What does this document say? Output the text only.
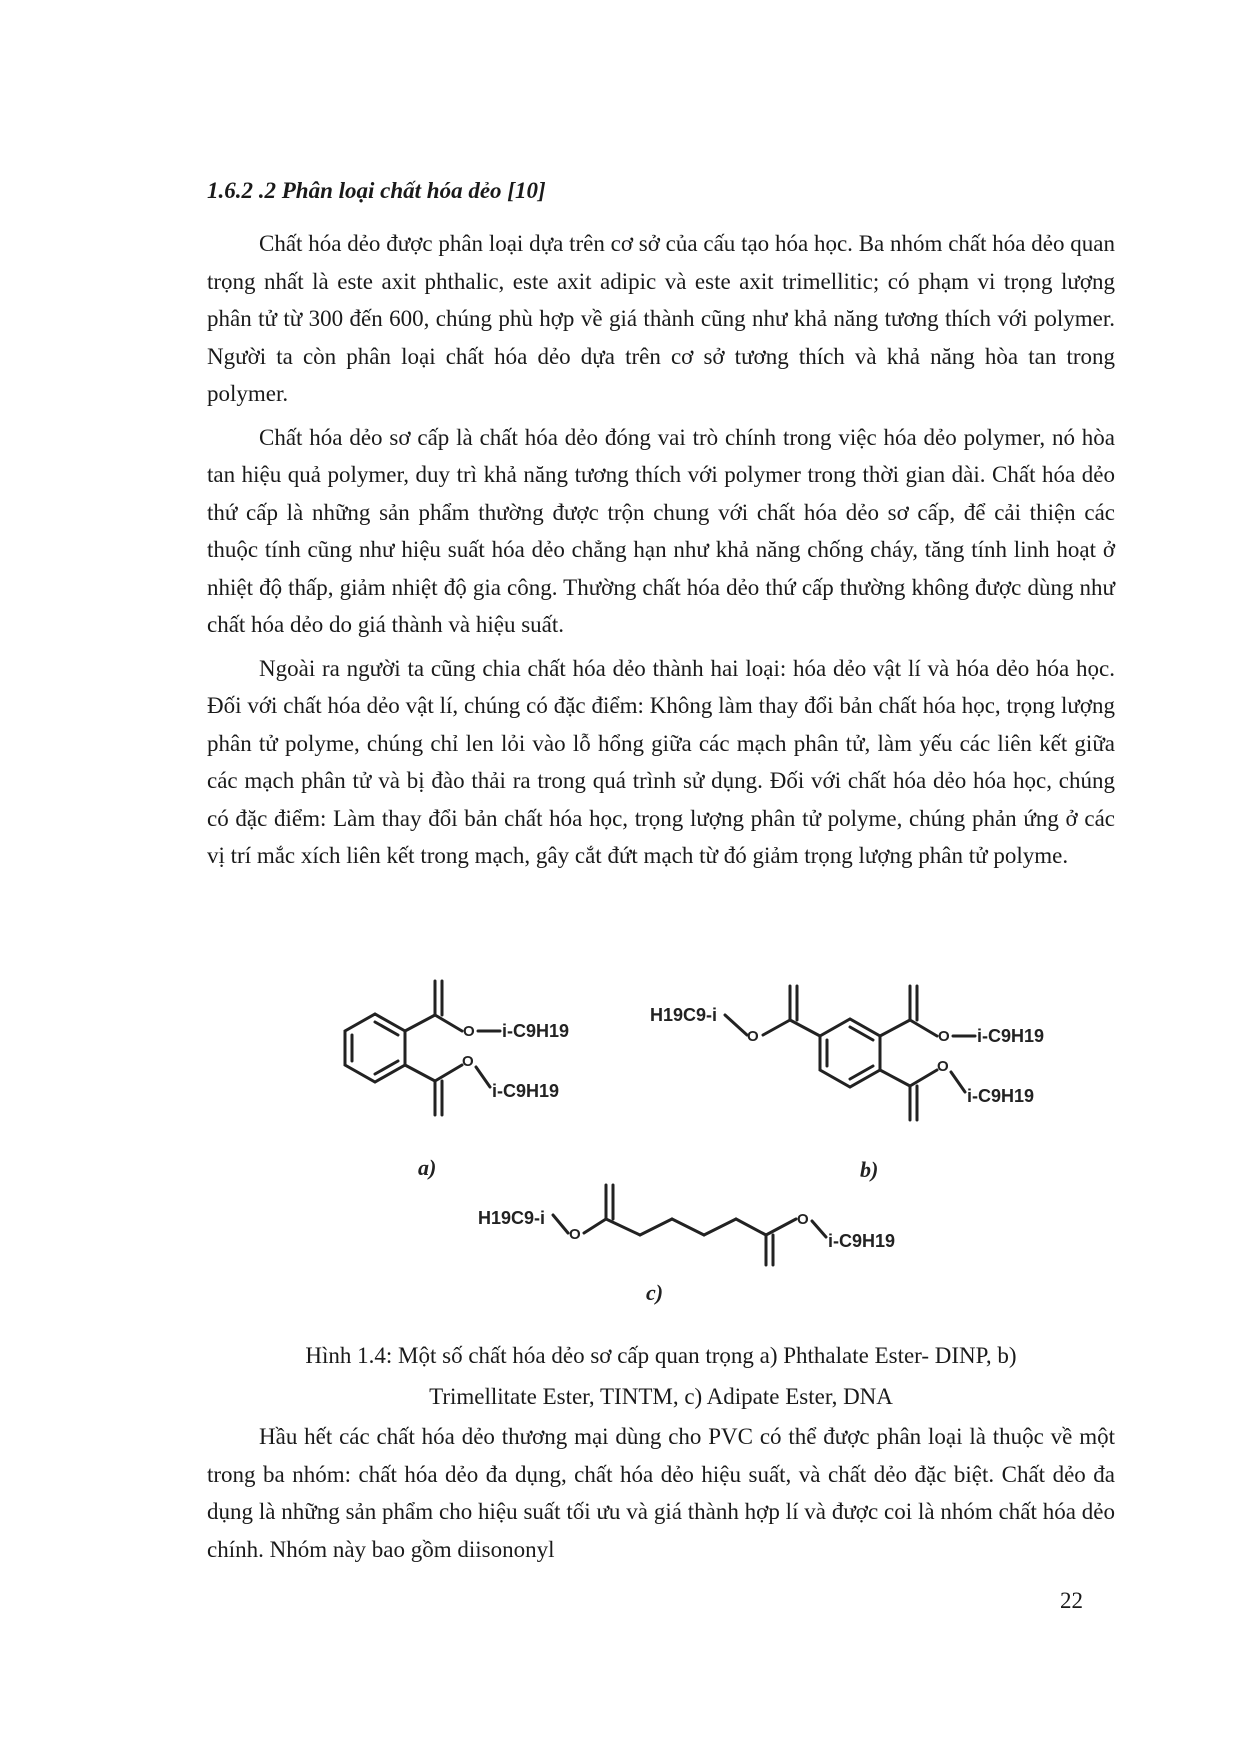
1.6.2 .2 Phân loại chất hóa dẻo [10]

Chất hóa dẻo được phân loại dựa trên cơ sở của cấu tạo hóa học. Ba nhóm chất hóa dẻo quan trọng nhất là este axit phthalic, este axit adipic và este axit trimellitic; có phạm vi trọng lượng phân tử từ 300 đến 600, chúng phù hợp về giá thành cũng như khả năng tương thích với polymer. Người ta còn phân loại chất hóa dẻo dựa trên cơ sở tương thích và khả năng hòa tan trong polymer.

Chất hóa dẻo sơ cấp là chất hóa dẻo đóng vai trò chính trong việc hóa dẻo polymer, nó hòa tan hiệu quả polymer, duy trì khả năng tương thích với polymer trong thời gian dài. Chất hóa dẻo thứ cấp là những sản phẩm thường được trộn chung với chất hóa dẻo sơ cấp, để cải thiện các thuộc tính cũng như hiệu suất hóa dẻo chẳng hạn như khả năng chống cháy, tăng tính linh hoạt ở nhiệt độ thấp, giảm nhiệt độ gia công. Thường chất hóa dẻo thứ cấp thường không được dùng như chất hóa dẻo do giá thành và hiệu suất.

Ngoài ra người ta cũng chia chất hóa dẻo thành hai loại: hóa dẻo vật lí và hóa dẻo hóa học. Đối với chất hóa dẻo vật lí, chúng có đặc điểm: Không làm thay đổi bản chất hóa học, trọng lượng phân tử polyme, chúng chỉ len lỏi vào lỗ hổng giữa các mạch phân tử, làm yếu các liên kết giữa các mạch phân tử và bị đào thải ra trong quá trình sử dụng. Đối với chất hóa dẻo hóa học, chúng có đặc điểm: Làm thay đổi bản chất hóa học, trọng lượng phân tử polyme, chúng phản ứng ở các vị trí mắc xích liên kết trong mạch, gây cắt đứt mạch từ đó giảm trọng lượng phân tử polyme.

O
O
i-C9H19
i-C9H19
a)
O	O
O
H19C9-i
i-C9H19
i-C9H19
b)
O
O
H19C9-i
i-C9H19
c)
Hình 1.4: Một số chất hóa dẻo sơ cấp quan trọng a) Phthalate Ester- DINP, b)
Trimellitate Ester, TINTM, c) Adipate Ester, DNA

Hầu hết các chất hóa dẻo thương mại dùng cho PVC có thể được phân loại là thuộc về một trong ba nhóm: chất hóa dẻo đa dụng, chất hóa dẻo hiệu suất, và chất dẻo đặc biệt. Chất dẻo đa dụng là những sản phẩm cho hiệu suất tối ưu và giá thành hợp lí và được coi là nhóm chất hóa dẻo chính. Nhóm này bao gồm diisononyl

22
